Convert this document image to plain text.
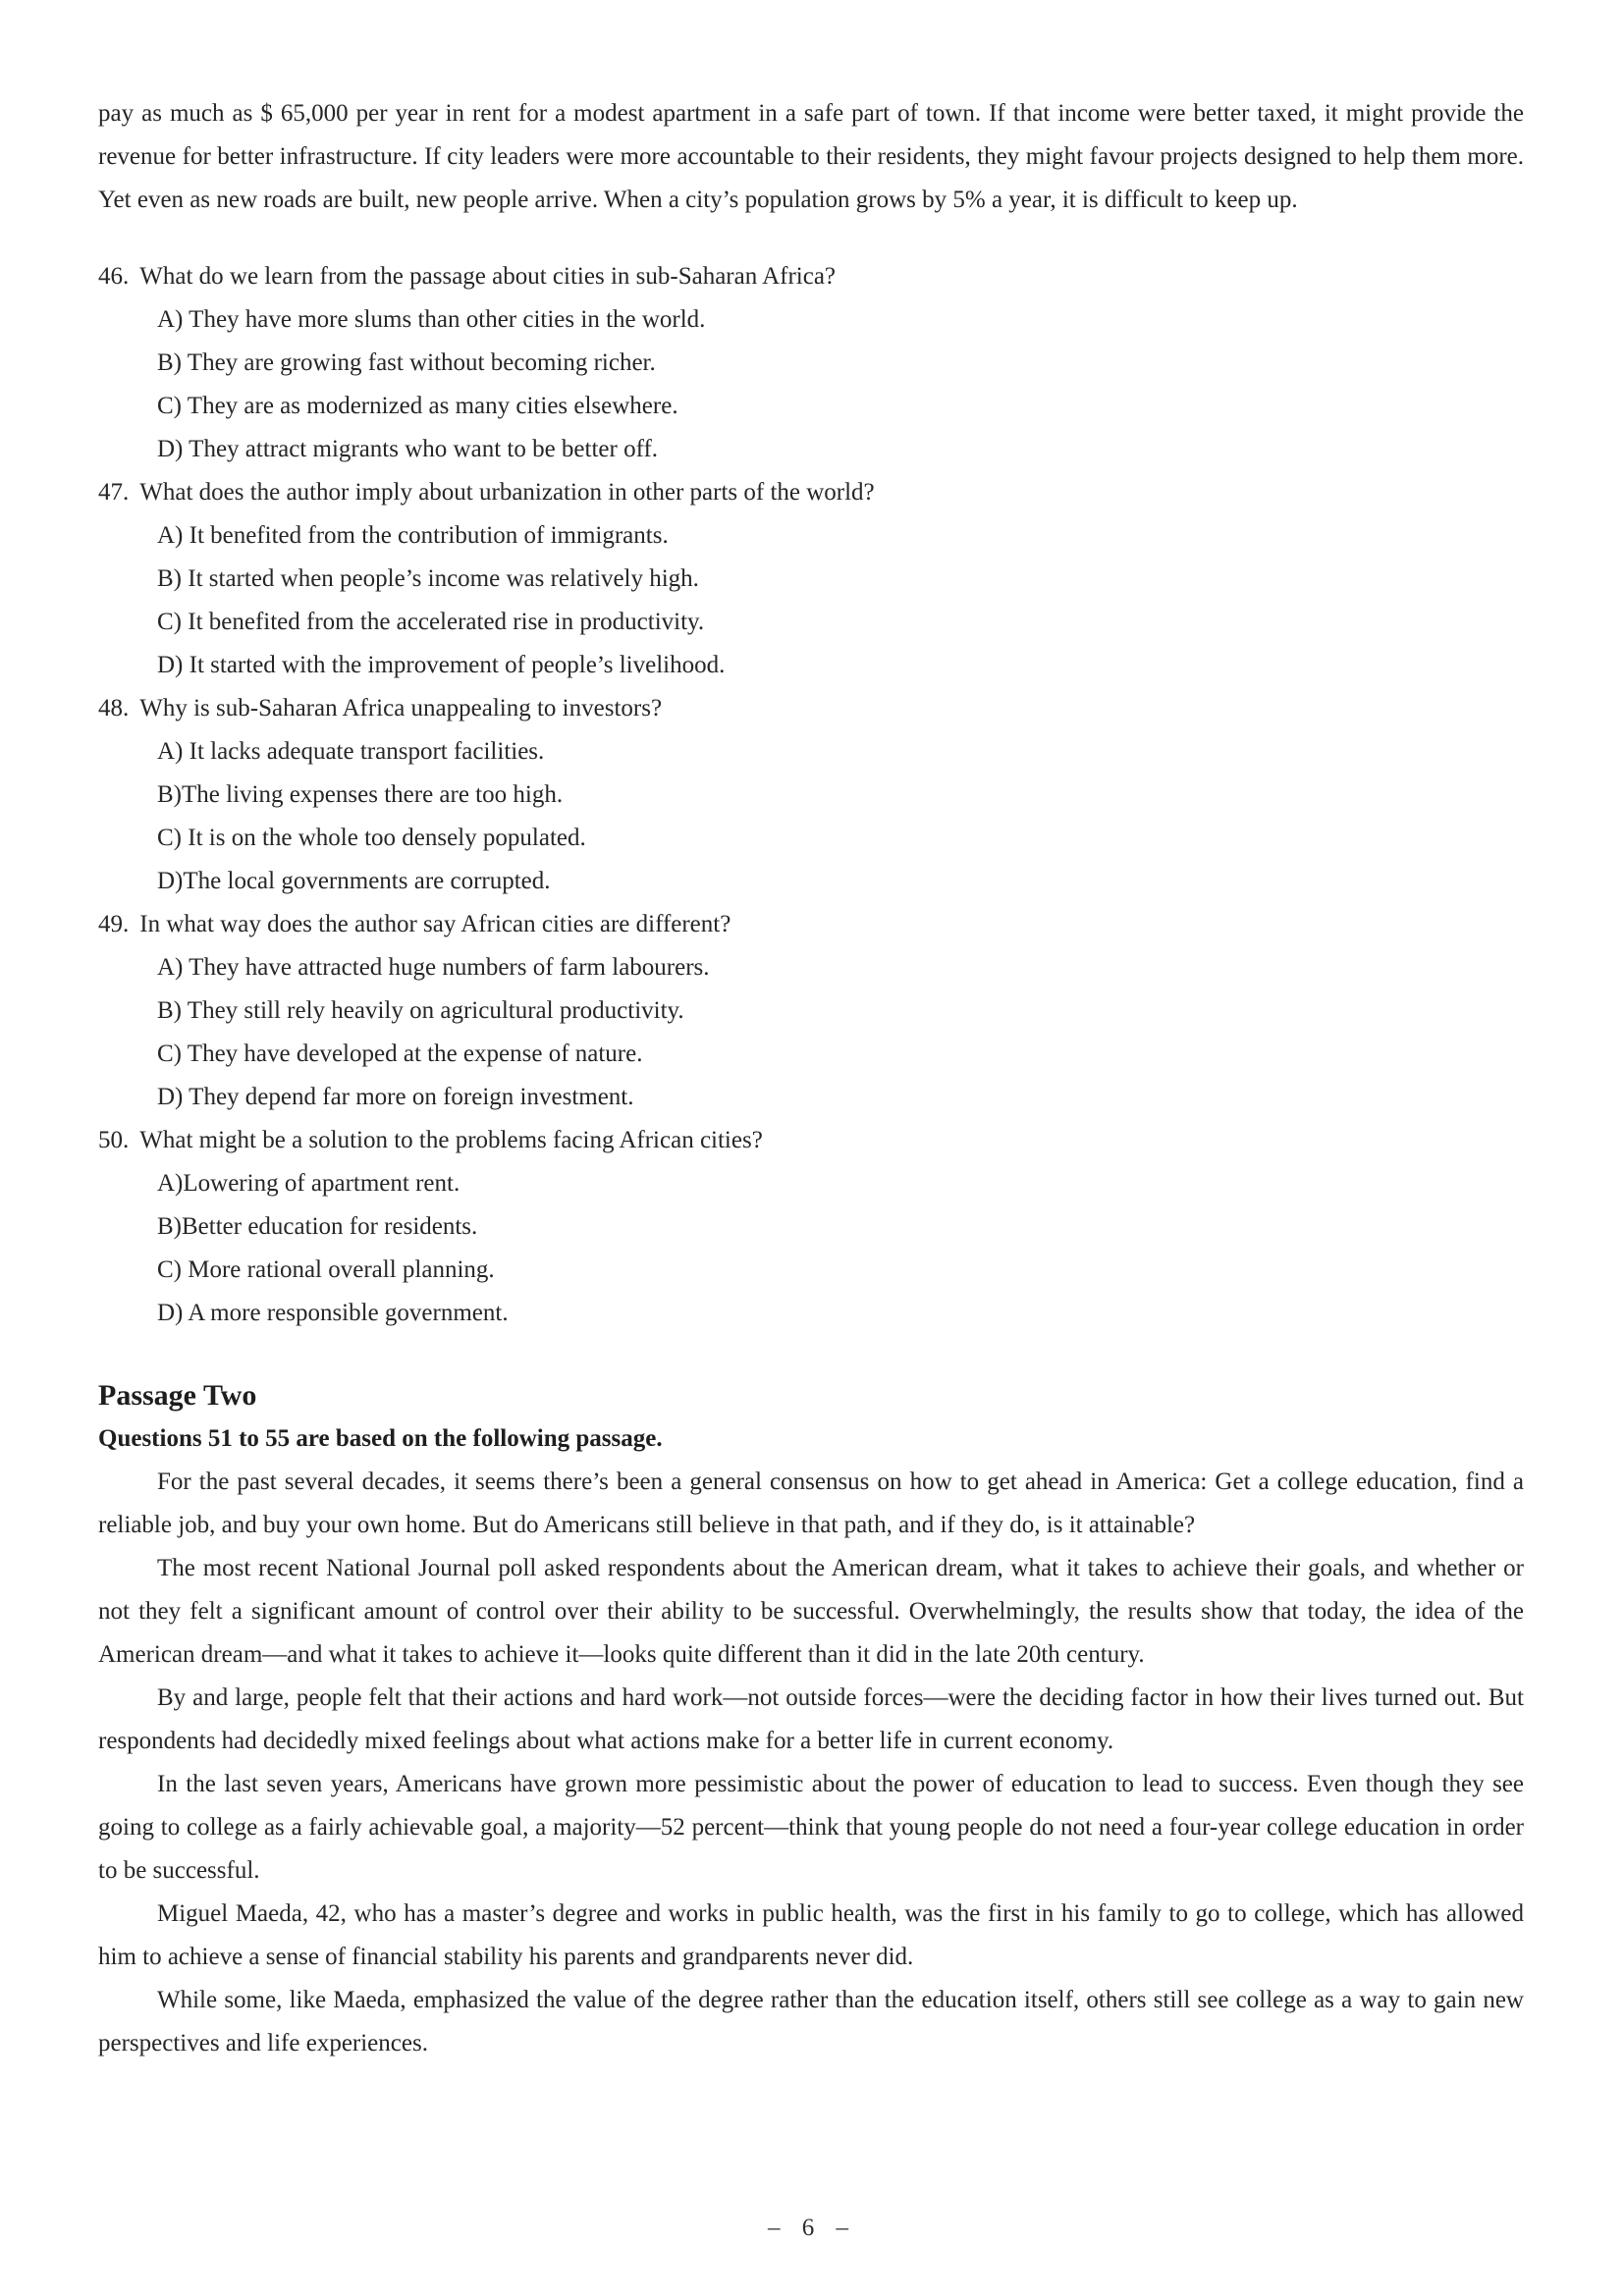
pay as much as $ 65,000 per year in rent for a modest apartment in a safe part of town. If that income were better taxed, it might provide the revenue for better infrastructure. If city leaders were more accountable to their residents, they might favour projects designed to help them more. Yet even as new roads are built, new people arrive. When a city’s population grows by 5% a year, it is difficult to keep up.

46. What do we learn from the passage about cities in sub-Saharan Africa?
A) They have more slums than other cities in the world.
B) They are growing fast without becoming richer.
C) They are as modernized as many cities elsewhere.
D) They attract migrants who want to be better off.
47. What does the author imply about urbanization in other parts of the world?
A) It benefited from the contribution of immigrants.
B) It started when people’s income was relatively high.
C) It benefited from the accelerated rise in productivity.
D) It started with the improvement of people’s livelihood.
48. Why is sub-Saharan Africa unappealing to investors?
A) It lacks adequate transport facilities.
B)The living expenses there are too high.
C) It is on the whole too densely populated.
D)The local governments are corrupted.
49. In what way does the author say African cities are different?
A) They have attracted huge numbers of farm labourers.
B) They still rely heavily on agricultural productivity.
C) They have developed at the expense of nature.
D) They depend far more on foreign investment.
50. What might be a solution to the problems facing African cities?
A)Lowering of apartment rent.
B)Better education for residents.
C) More rational overall planning.
D) A more responsible government.
Passage Two
Questions 51 to 55 are based on the following passage.

For the past several decades, it seems there’s been a general consensus on how to get ahead in America: Get a college education, find a reliable job, and buy your own home. But do Americans still believe in that path, and if they do, is it attainable?

The most recent National Journal poll asked respondents about the American dream, what it takes to achieve their goals, and whether or not they felt a significant amount of control over their ability to be successful. Overwhelmingly, the results show that today, the idea of the American dream—and what it takes to achieve it—looks quite different than it did in the late 20th century.

By and large, people felt that their actions and hard work—not outside forces—were the deciding factor in how their lives turned out. But respondents had decidedly mixed feelings about what actions make for a better life in current economy.

In the last seven years, Americans have grown more pessimistic about the power of education to lead to success. Even though they see going to college as a fairly achievable goal, a majority—52 percent—think that young people do not need a four-year college education in order to be successful.

Miguel Maeda, 42, who has a master’s degree and works in public health, was the first in his family to go to college, which has allowed him to achieve a sense of financial stability his parents and grandparents never did.

While some, like Maeda, emphasized the value of the degree rather than the education itself, others still see college as a way to gain new perspectives and life experiences.

– 6 –
